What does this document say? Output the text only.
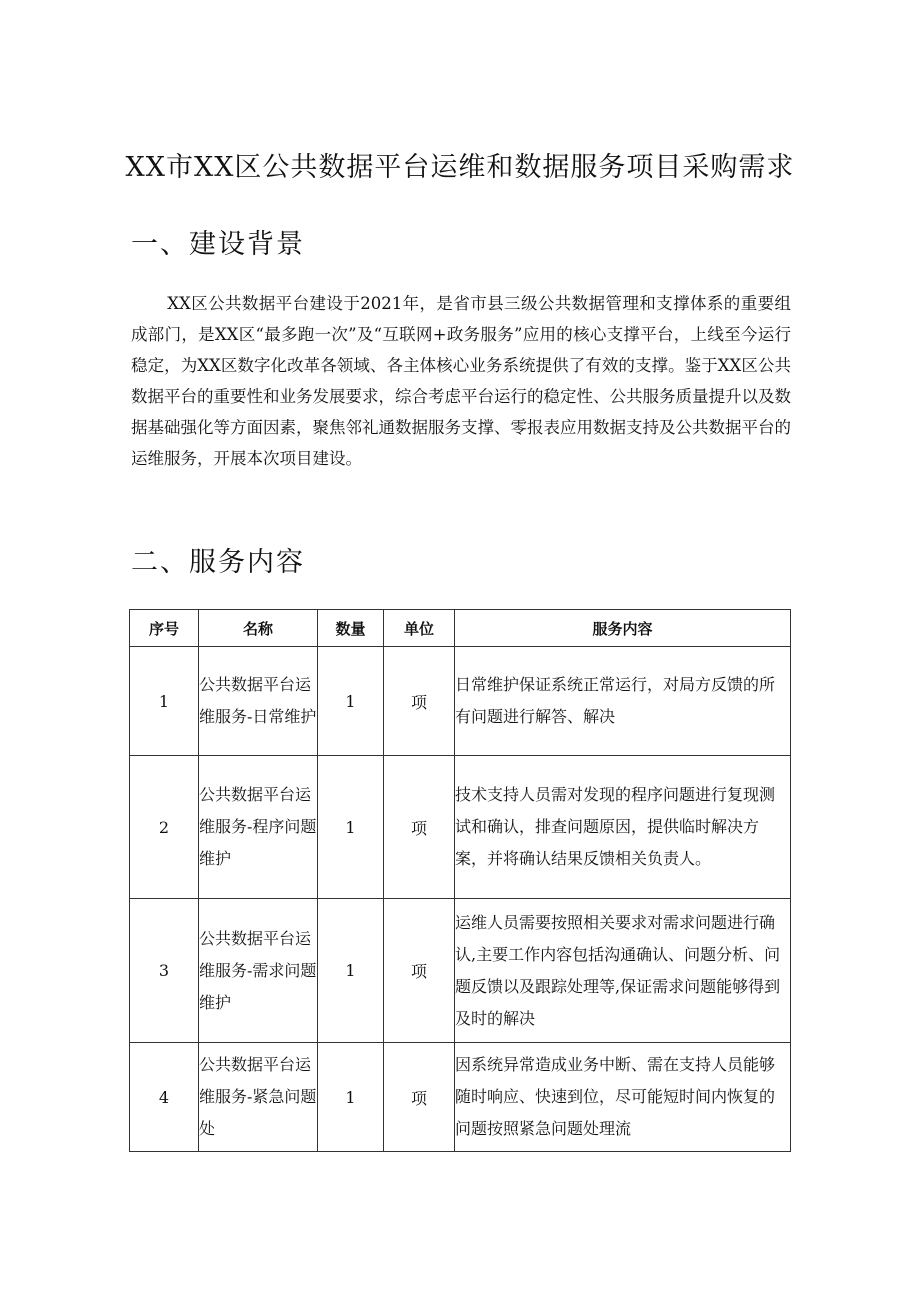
XX市XX区公共数据平台运维和数据服务项目采购需求
一、建设背景

XX区公共数据平台建设于2021年，是省市县三级公共数据管理和支撑体系的重要组成部门，是XX区“最多跑一次”及“互联网+政务服务”应用的核心支撑平台，上线至今运行稳定，为XX区数字化改革各领域、各主体核心业务系统提供了有效的支撑。鉴于XX区公共数据平台的重要性和业务发展要求，综合考虑平台运行的稳定性、公共服务质量提升以及数据基础强化等方面因素，聚焦邻礼通数据服务支撑、零报表应用数据支持及公共数据平台的运维服务，开展本次项目建设。

二、服务内容
序号	名称	数量	单位	服务内容
1	公共数据平台运维服务-日常维护	1	项	日常维护保证系统正常运行，对局方反馈的所有问题进行解答、解决
2	公共数据平台运维服务-程序问题维护	1	项	技术支持人员需对发现的程序问题进行复现测试和确认，排查问题原因，提供临时解决方案，并将确认结果反馈相关负责人。
3	公共数据平台运维服务-需求问题维护	1	项	运维人员需要按照相关要求对需求问题进行确认,主要工作内容包括沟通确认、问题分析、问题反馈以及跟踪处理等,保证需求问题能够得到及时的解决
4	公共数据平台运维服务-紧急问题处	1	项	因系统异常造成业务中断、需在支持人员能够随时响应、快速到位，尽可能短时间内恢复的问题按照紧急问题处理流
